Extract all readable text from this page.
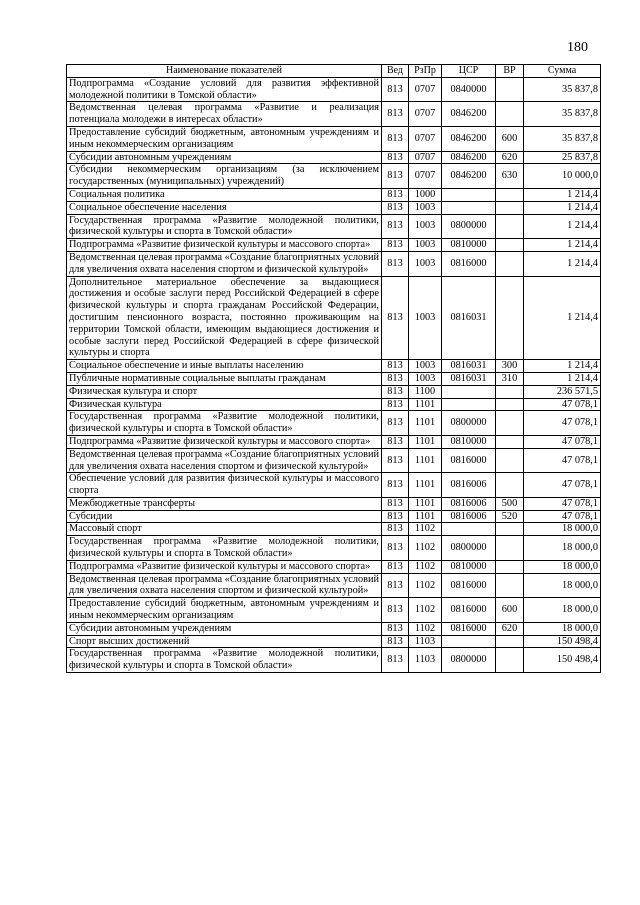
180
Наименование показателей	Вед	РзПр	ЦСР	ВР	Сумма
Подпрограмма «Создание условий для развития эффективной молодежной политики в Томской области»	813	0707	0840000		35 837,8
Ведомственная целевая программа «Развитие и реализация потенциала молодежи в интересах области»	813	0707	0846200		35 837,8
Предоставление субсидий бюджетным, автономным учреждениям и иным некоммерческим организациям	813	0707	0846200	600	35 837,8
Субсидии автономным учреждениям	813	0707	0846200	620	25 837,8
Субсидии некоммерческим организациям (за исключением государственных (муниципальных) учреждений)	813	0707	0846200	630	10 000,0
Социальная политика	813	1000			1 214,4
Социальное обеспечение населения	813	1003			1 214,4
Государственная программа «Развитие молодежной политики, физической культуры и спорта в Томской области»	813	1003	0800000		1 214,4
Подпрограмма «Развитие физической культуры и массового спорта»	813	1003	0810000		1 214,4
Ведомственная целевая программа «Создание благоприятных условий для увеличения охвата населения спортом и физической культурой»	813	1003	0816000		1 214,4
Дополнительное материальное обеспечение за выдающиеся достижения и особые заслуги перед Российской Федерацией в сфере физической культуры и спорта гражданам Российской Федерации, достигшим пенсионного возраста, постоянно проживающим на территории Томской области, имеющим выдающиеся достижения и особые заслуги перед Российской Федерацией в сфере физической культуры и спорта	813	1003	0816031		1 214,4
Социальное обеспечение и иные выплаты населению	813	1003	0816031	300	1 214,4
Публичные нормативные социальные выплаты гражданам	813	1003	0816031	310	1 214,4
Физическая культура и спорт	813	1100			236 571,5
Физическая культура	813	1101			47 078,1
Государственная программа «Развитие молодежной политики, физической культуры и спорта в Томской области»	813	1101	0800000		47 078,1
Подпрограмма «Развитие физической культуры и массового спорта»	813	1101	0810000		47 078,1
Ведомственная целевая программа «Создание благоприятных условий для увеличения охвата населения спортом и физической культурой»	813	1101	0816000		47 078,1
Обеспечение условий для развития физической культуры и массового спорта	813	1101	0816006		47 078,1
Межбюджетные трансферты	813	1101	0816006	500	47 078,1
Субсидии	813	1101	0816006	520	47 078,1
Массовый спорт	813	1102			18 000,0
Государственная программа «Развитие молодежной политики, физической культуры и спорта в Томской области»	813	1102	0800000		18 000,0
Подпрограмма «Развитие физической культуры и массового спорта»	813	1102	0810000		18 000,0
Ведомственная целевая программа «Создание благоприятных условий для увеличения охвата населения спортом и физической культурой»	813	1102	0816000		18 000,0
Предоставление субсидий бюджетным, автономным учреждениям и иным некоммерческим организациям	813	1102	0816000	600	18 000,0
Субсидии автономным учреждениям	813	1102	0816000	620	18 000,0
Спорт высших достижений	813	1103			150 498,4
Государственная программа «Развитие молодежной политики, физической культуры и спорта в Томской области»	813	1103	0800000		150 498,4
